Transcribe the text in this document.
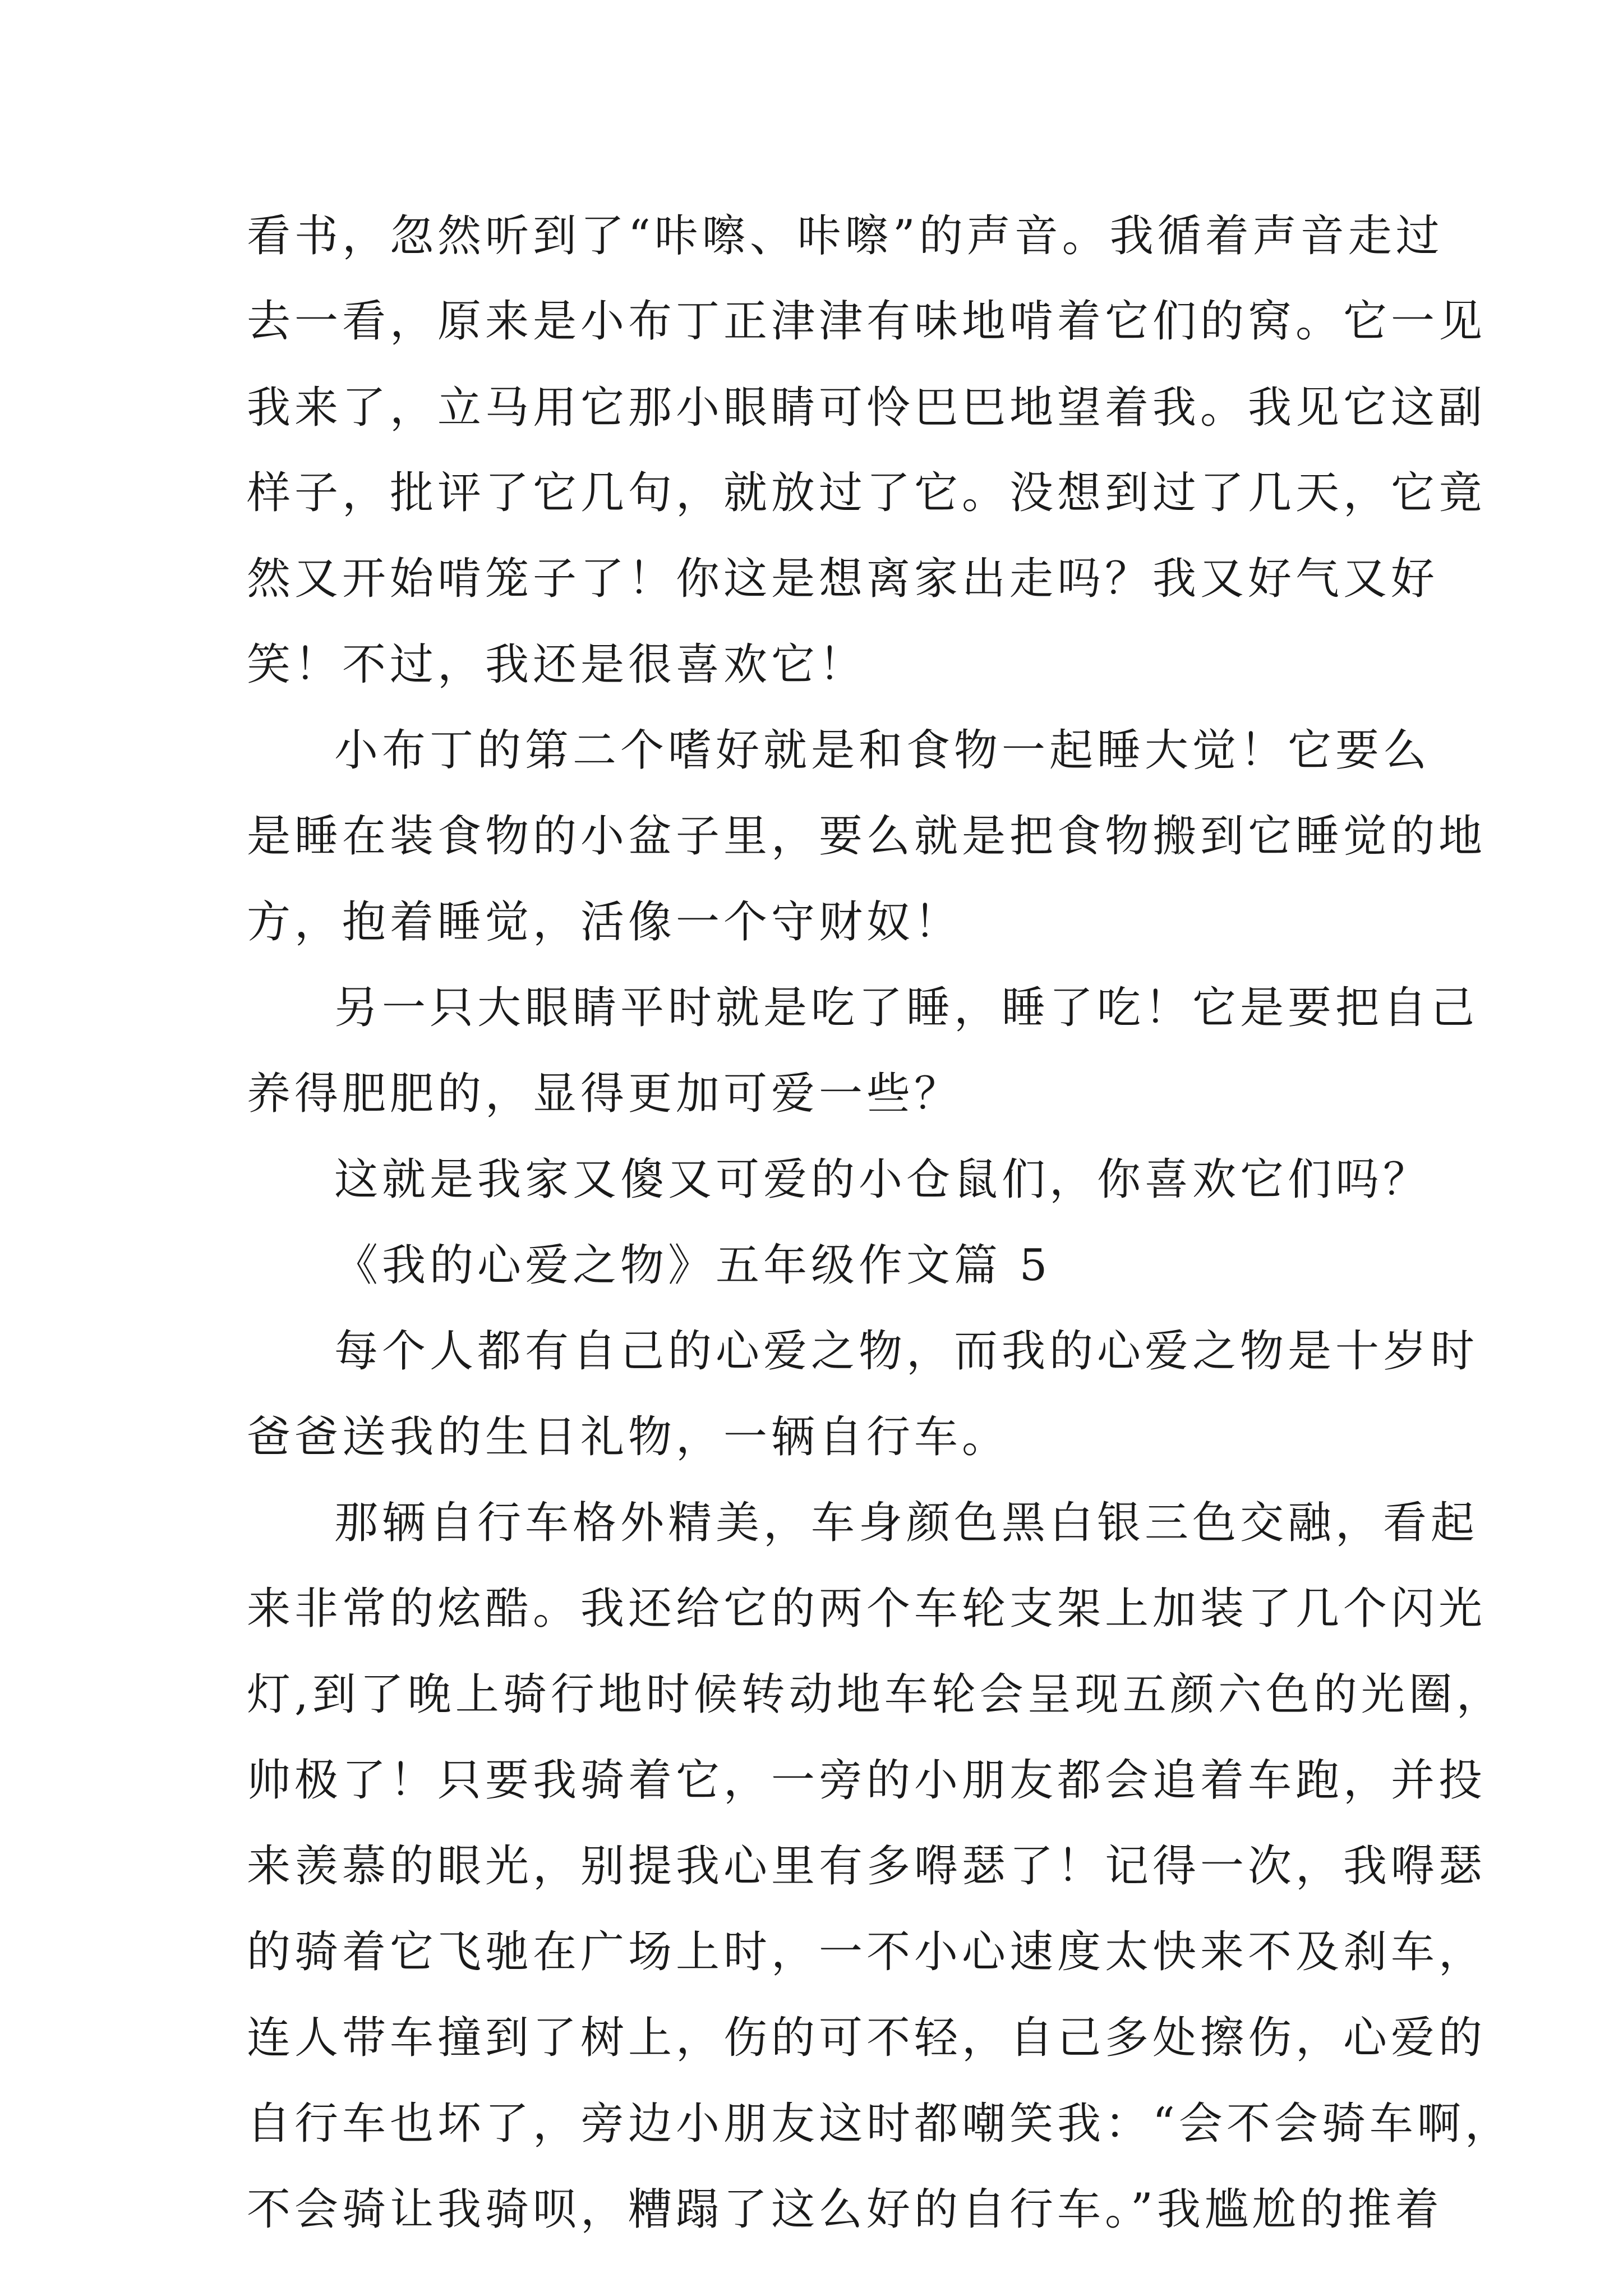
看书，忽然听到了“咔嚓、咔嚓”的声音。我循着声音走过
去一看，原来是小布丁正津津有味地啃着它们的窝。它一见
我来了，立马用它那小眼睛可怜巴巴地望着我。我见它这副
样子，批评了它几句，就放过了它。没想到过了几天，它竟
然又开始啃笼子了！你这是想离家出走吗？我又好气又好
笑！不过，我还是很喜欢它！
小布丁的第二个嗜好就是和食物一起睡大觉！它要么
是睡在装食物的小盆子里，要么就是把食物搬到它睡觉的地
方，抱着睡觉，活像一个守财奴！
另一只大眼睛平时就是吃了睡，睡了吃！它是要把自己
养得肥肥的，显得更加可爱一些？
这就是我家又傻又可爱的小仓鼠们，你喜欢它们吗？
《我的心爱之物》五年级作文篇 5
每个人都有自己的心爱之物，而我的心爱之物是十岁时
爸爸送我的生日礼物，一辆自行车。
那辆自行车格外精美，车身颜色黑白银三色交融，看起
来非常的炫酷。我还给它的两个车轮支架上加装了几个闪光
灯,到了晚上骑行地时候转动地车轮会呈现五颜六色的光圈，
帅极了！只要我骑着它，一旁的小朋友都会追着车跑，并投
来羡慕的眼光，别提我心里有多嘚瑟了！记得一次，我嘚瑟
的骑着它飞驰在广场上时，一不小心速度太快来不及刹车，
连人带车撞到了树上，伤的可不轻，自己多处擦伤，心爱的
自行车也坏了，旁边小朋友这时都嘲笑我：“会不会骑车啊，
不会骑让我骑呗，糟蹋了这么好的自行车。”我尴尬的推着
